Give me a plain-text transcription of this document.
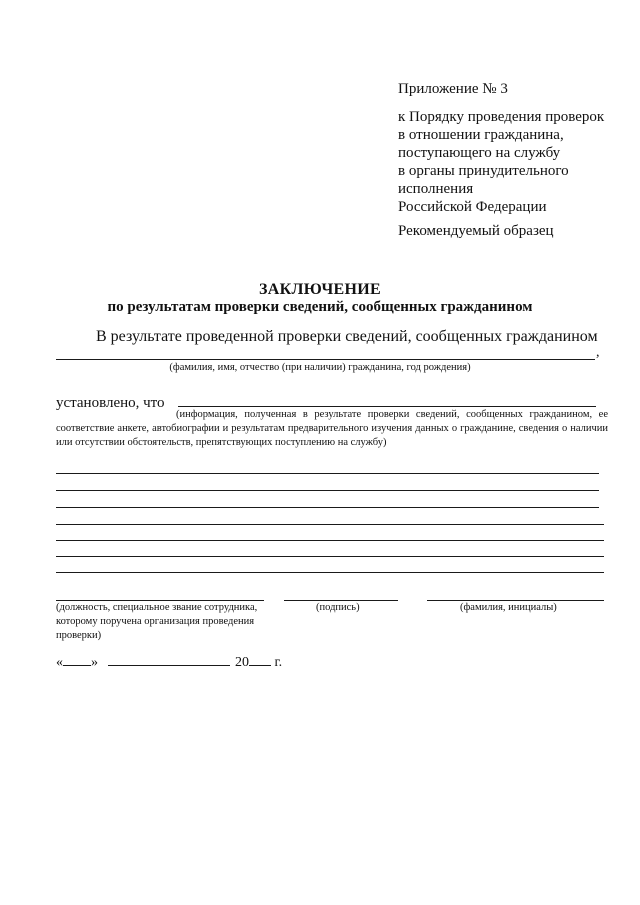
Приложение № 3
к Порядку проведения проверок
в отношении гражданина,
поступающего на службу
в органы принудительного
исполнения
Российской Федерации
Рекомендуемый образец
ЗАКЛЮЧЕНИЕ
по результатам проверки сведений, сообщенных гражданином
В результате проведенной проверки сведений, сообщенных гражданином
,
(фамилия, имя, отчество (при наличии) гражданина, год рождения)
установлено, что
(информация, полученная в результате проверки сведений, сообщенных гражданином, ее соответствие анкете, автобиографии и результатам предварительного изучения данных о гражданине, сведения о наличии или отсутствии обстоятельств, препятствующих поступлению на службу)
(должность, специальное звание сотрудника, которому поручена организация проведения проверки)
(подпись)	(фамилия, инициалы)
« »	20 г.
